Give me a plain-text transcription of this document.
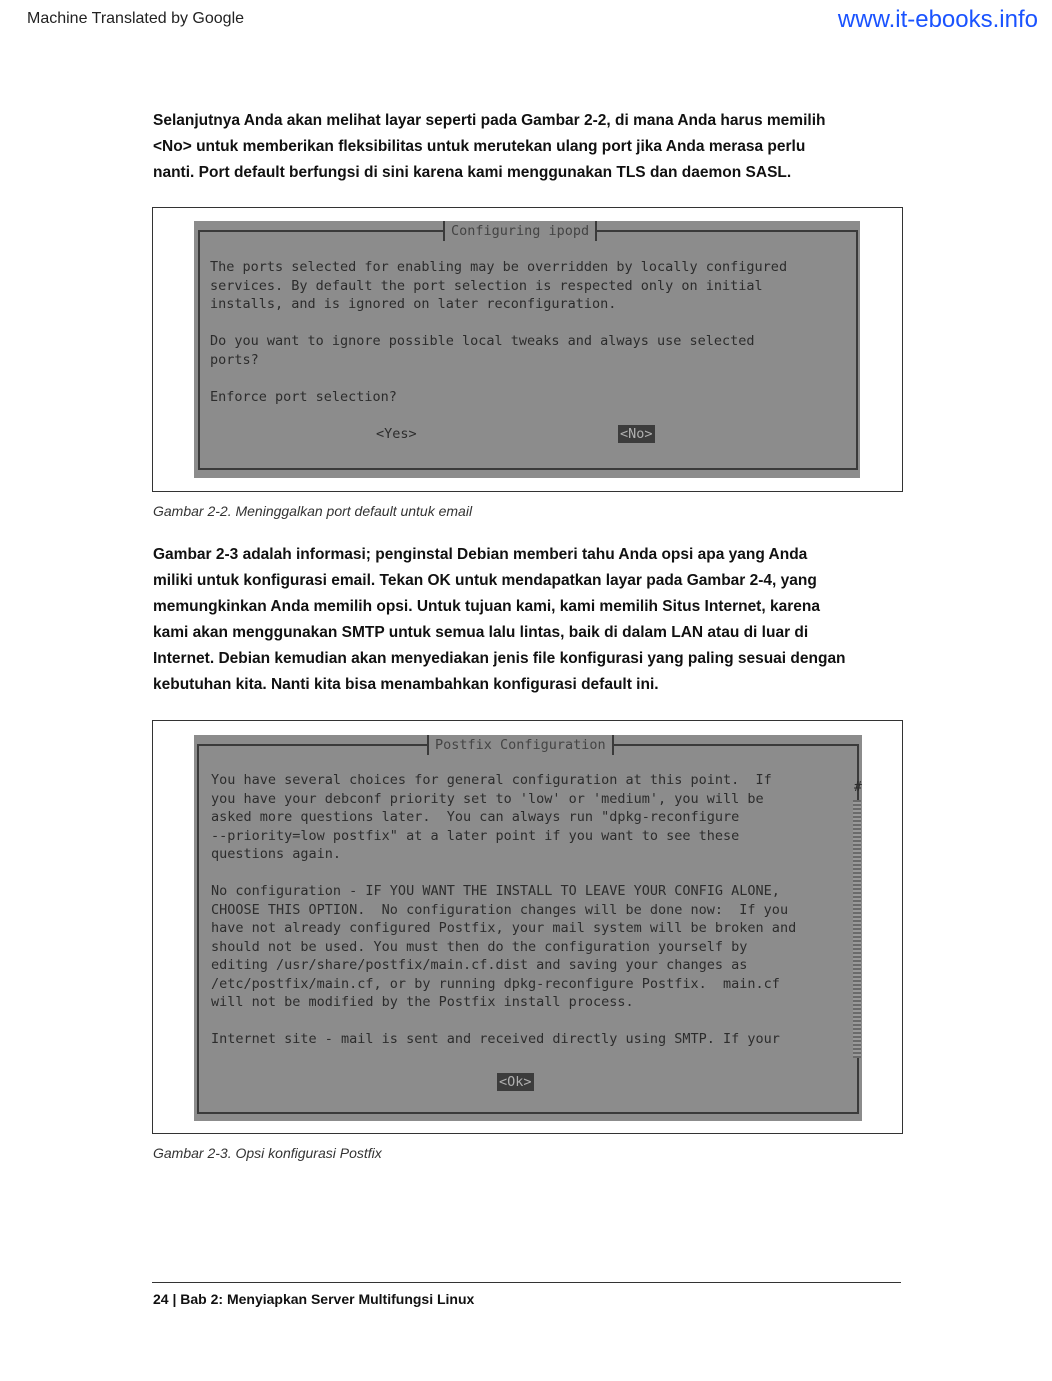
Machine Translated by Google	www.it-ebooks.info
Selanjutnya Anda akan melihat layar seperti pada Gambar 2-2, di mana Anda harus memilih
<No> untuk memberikan fleksibilitas untuk merutekan ulang port jika Anda merasa perlu
nanti. Port default berfungsi di sini karena kami menggunakan TLS dan daemon SASL.
Configuring ipopd
The ports selected for enabling may be overridden by locally configured
services. By default the port selection is respected only on initial
installs, and is ignored on later reconfiguration.
Do you want to ignore possible local tweaks and always use selected
ports?
Enforce port selection?
<Yes>	<No>
Gambar 2-2. Meninggalkan port default untuk email
Gambar 2-3 adalah informasi; penginstal Debian memberi tahu Anda opsi apa yang Anda
miliki untuk konfigurasi email. Tekan OK untuk mendapatkan layar pada Gambar 2-4, yang
memungkinkan Anda memilih opsi. Untuk tujuan kami, kami memilih Situs Internet, karena
kami akan menggunakan SMTP untuk semua lalu lintas, baik di dalam LAN atau di luar di
Internet. Debian kemudian akan menyediakan jenis file konfigurasi yang paling sesuai dengan
kebutuhan kita. Nanti kita bisa menambahkan konfigurasi default ini.
Postfix Configuration
You have several choices for general configuration at this point.  If
you have your debconf priority set to 'low' or 'medium', you will be
asked more questions later.  You can always run "dpkg-reconfigure
--priority=low postfix" at a later point if you want to see these
questions again.
No configuration - IF YOU WANT THE INSTALL TO LEAVE YOUR CONFIG ALONE,
CHOOSE THIS OPTION.  No configuration changes will be done now:  If you
have not already configured Postfix, your mail system will be broken and
should not be used. You must then do the configuration yourself by
editing /usr/share/postfix/main.cf.dist and saving your changes as
/etc/postfix/main.cf, or by running dpkg-reconfigure Postfix.  main.cf
will not be modified by the Postfix install process.
Internet site - mail is sent and received directly using SMTP. If your
#
<Ok>
Gambar 2-3. Opsi konfigurasi Postfix
24 | Bab 2: Menyiapkan Server Multifungsi Linux
